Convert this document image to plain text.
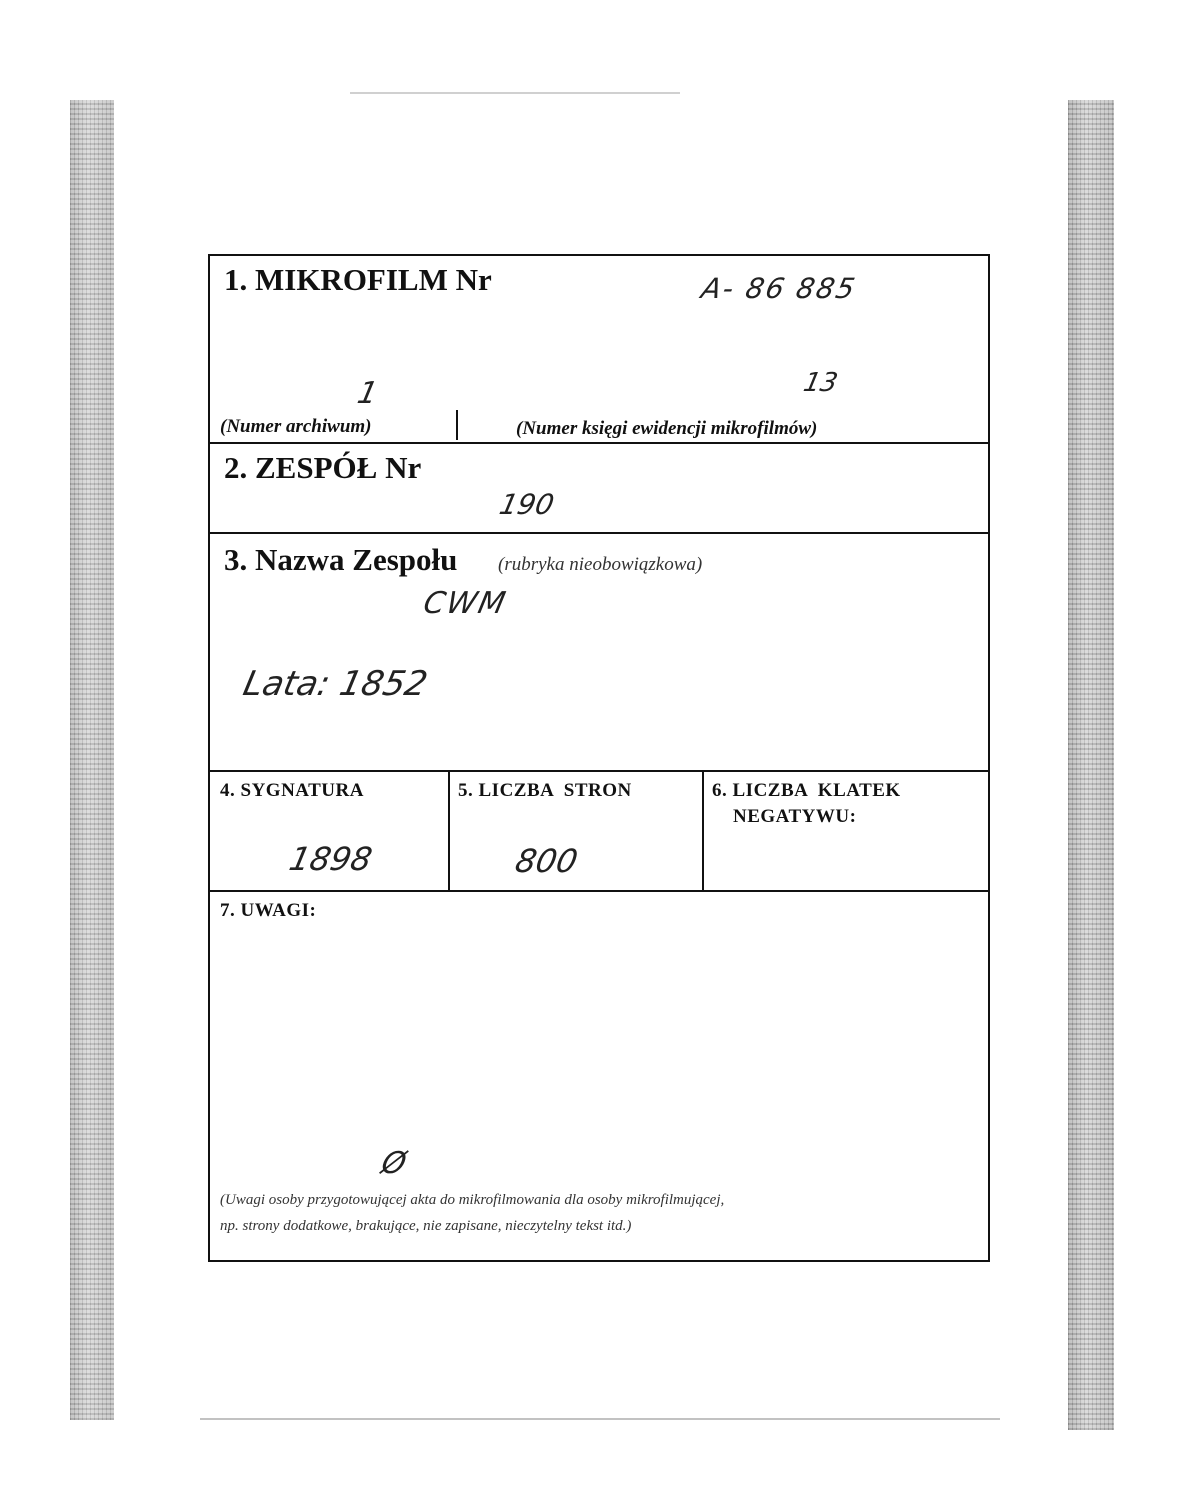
1. MIKROFILM Nr	A- 86 885
1	13
(Numer archiwum)	(Numer księgi ewidencji mikrofilmów)
2. ZESPÓŁ Nr
190
3. Nazwa Zespołu (rubryka nieobowiązkowa)
CWM
Lata: 1852
4. SYGNATURA
1898
5. LICZBA  STRON
800
6. LICZBA  KLATEK
NEGATYWU:
7. UWAGI:
Ø
(Uwagi osoby przygotowującej akta do mikrofilmowania dla osoby mikrofilmującej,
np. strony dodatkowe, brakujące, nie zapisane, nieczytelny tekst itd.)
